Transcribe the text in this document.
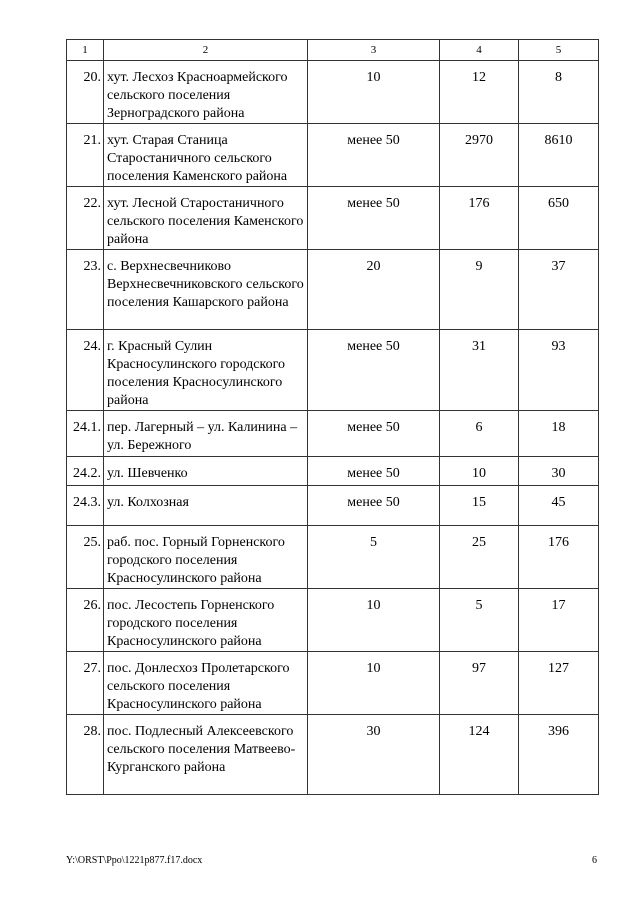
1	2	3	4	5
20.	хут. Лесхоз Красноармейского сельского поселения Зерноградского района	10	12	8
21.	хут. Старая Станица Старостаничного сельского поселения Каменского района	менее 50	2970	8610
22.	хут. Лесной Старостаничного сельского поселения Каменского района	менее 50	176	650
23.	с. Верхнесвечниково Верхнесвечниковского сельского поселения Кашарского района	20	9	37
24.	г. Красный Сулин Красносулинского городского поселения Красносулинского района	менее 50	31	93
24.1.	пер. Лагерный – ул. Калинина – ул. Бережного	менее 50	6	18
24.2.	ул. Шевченко	менее 50	10	30
24.3.	ул. Колхозная	менее 50	15	45
25.	раб. пос. Горный Горненского городского поселения Красносулинского района	5	25	176
26.	пос. Лесостепь Горненского городского поселения Красносулинского района	10	5	17
27.	пос. Донлесхоз Пролетарского сельского поселения Красносулинского района	10	97	127
28.	пос. Подлесный Алексеевского сельского поселения Матвеево-Курганского района	30	124	396
Y:\ORST\Ppo\1221p877.f17.docx	6
